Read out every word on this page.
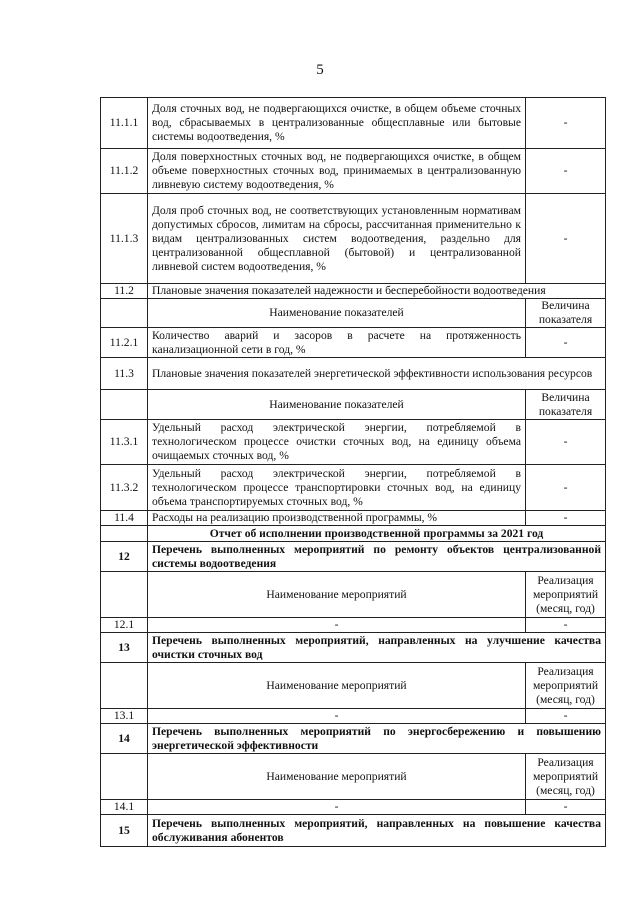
5
11.1.1	Доля сточных вод, не подвергающихся очистке, в общем объеме сточных вод, сбрасываемых в централизованные общесплавные или бытовые системы водоотведения, %	-
11.1.2	Доля поверхностных сточных вод, не подвергающихся очистке, в общем объеме поверхностных сточных вод, принимаемых в централизованную ливневую систему водоотведения, %	-
11.1.3	Доля проб сточных вод, не соответствующих установленным нормативам допустимых сбросов, лимитам на сбросы, рассчитанная применительно к видам централизованных систем водоотведения, раздельно для централизованной общесплавной (бытовой) и централизованной ливневой систем водоотведения, %	-
11.2	Плановые значения показателей надежности и бесперебойности водоотведения	
	Наименование показателей	Величина показателя
11.2.1	Количество аварий и засоров в расчете на протяженность канализационной сети в год, %	-
11.3	Плановые значения показателей энергетической эффективности использования ресурсов	
	Наименование показателей	Величина показателя
11.3.1	Удельный расход электрической энергии, потребляемой в технологическом процессе очистки сточных вод, на единицу объема очищаемых сточных вод, %	-
11.3.2	Удельный расход электрической энергии, потребляемой в технологическом процессе транспортировки сточных вод, на единицу объема транспортируемых сточных вод, %	-
11.4	Расходы на реализацию производственной программы, %	-
	Отчет об исполнении производственной программы за 2021 год	
12	Перечень выполненных мероприятий по ремонту объектов централизованной системы водоотведения	
	Наименование мероприятий	Реализация мероприятий (месяц, год)
12.1	-	-
13	Перечень выполненных мероприятий, направленных на улучшение качества очистки сточных вод	
	Наименование мероприятий	Реализация мероприятий (месяц, год)
13.1	-	-
14	Перечень выполненных мероприятий по энергосбережению и повышению энергетической эффективности	
	Наименование мероприятий	Реализация мероприятий (месяц, год)
14.1	-	-
15	Перечень выполненных мероприятий, направленных на повышение качества обслуживания абонентов	
